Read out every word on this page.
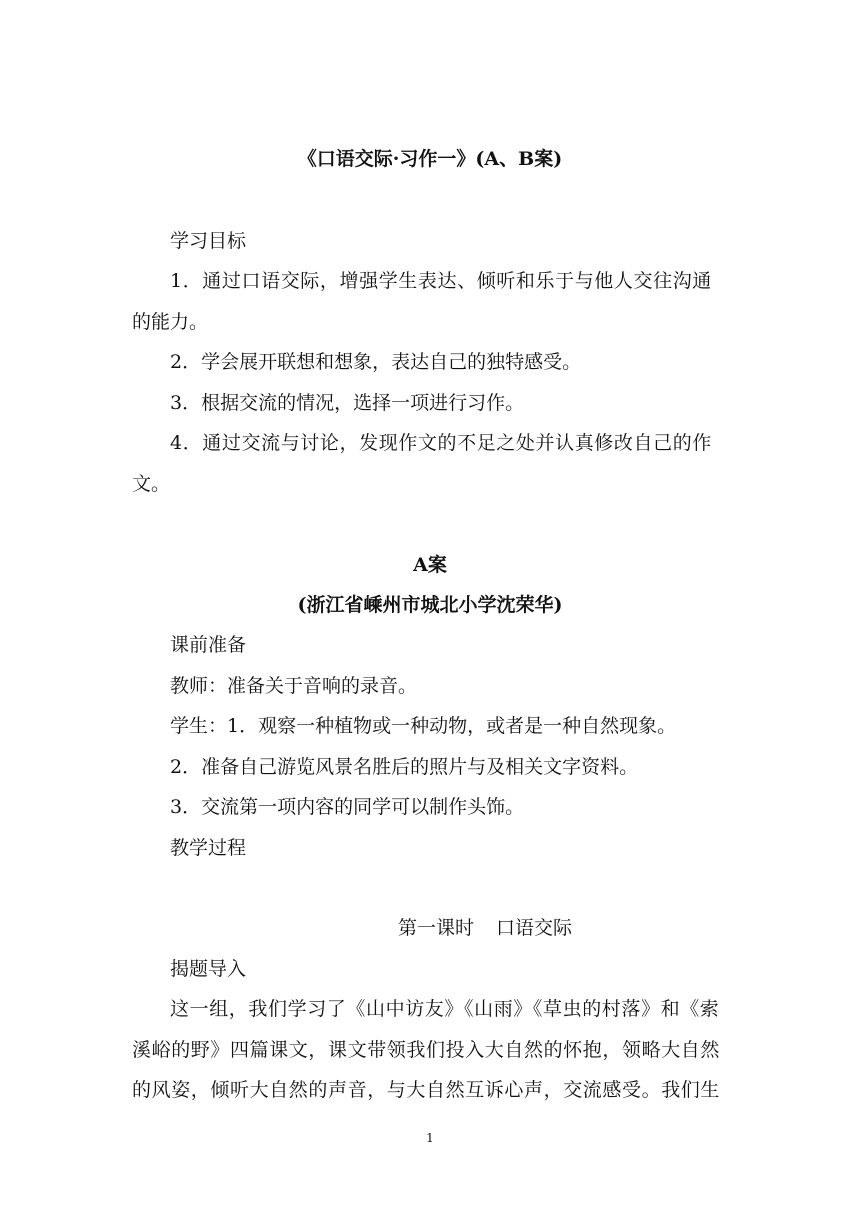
《口语交际·习作一》(A、B案)
学习目标
1．通过口语交际，增强学生表达、倾听和乐于与他人交往沟通
的能力。
2．学会展开联想和想象，表达自己的独特感受。
3．根据交流的情况，选择一项进行习作。
4．通过交流与讨论，发现作文的不足之处并认真修改自己的作
文。
A案
(浙江省嵊州市城北小学沈荣华)
课前准备
教师：准备关于音响的录音。
学生：1．观察一种植物或一种动物，或者是一种自然现象。
2．准备自己游览风景名胜后的照片与及相关文字资料。
3．交流第一项内容的同学可以制作头饰。
教学过程
第一课时 口语交际
揭题导入
这一组，我们学习了《山中访友》《山雨》《草虫的村落》和《索
溪峪的野》四篇课文，课文带领我们投入大自然的怀抱，领略大自然
的风姿，倾听大自然的声音，与大自然互诉心声，交流感受。我们生
1
